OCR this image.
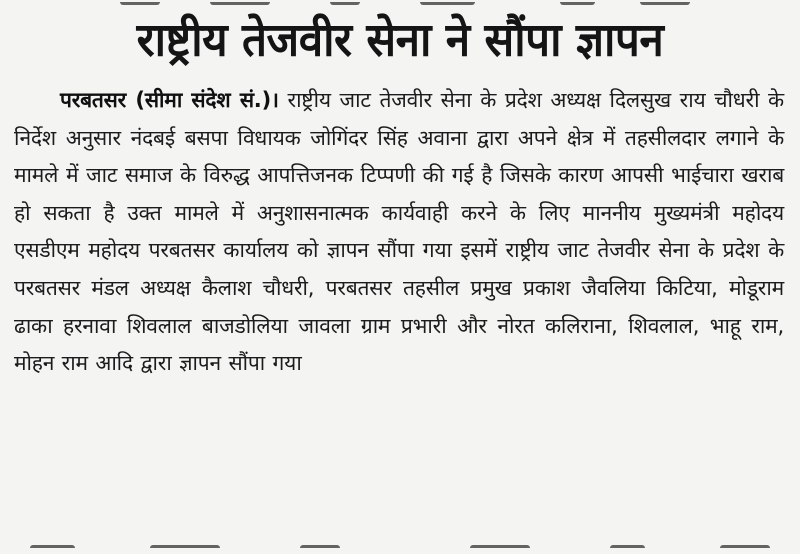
राष्ट्रीय तेजवीर सेना ने सौंपा ज्ञापन

परबतसर (सीमा संदेश सं.)। राष्ट्रीय जाट तेजवीर सेना के प्रदेश अध्यक्ष दिलसुख राय चौधरी के निर्देश अनुसार नंदबई बसपा विधायक जोगिंदर सिंह अवाना द्वारा अपने क्षेत्र में तहसीलदार लगाने के मामले में जाट समाज के विरुद्ध आपत्तिजनक टिप्पणी की गई है जिसके कारण आपसी भाईचारा खराब हो सकता है उक्त मामले में अनुशासनात्मक कार्यवाही करने के लिए माननीय मुख्यमंत्री महोदय एसडीएम महोदय परबतसर कार्यालय को ज्ञापन सौंपा गया इसमें राष्ट्रीय जाट तेजवीर सेना के प्रदेश के परबतसर मंडल अध्यक्ष कैलाश चौधरी, परबतसर तहसील प्रमुख प्रकाश जैवलिया किटिया, मोडूराम ढाका हरनावा शिवलाल बाजडोलिया जावला ग्राम प्रभारी और नोरत कलिराना, शिवलाल, भाहू राम, मोहन राम आदि द्वारा ज्ञापन सौंपा गया
